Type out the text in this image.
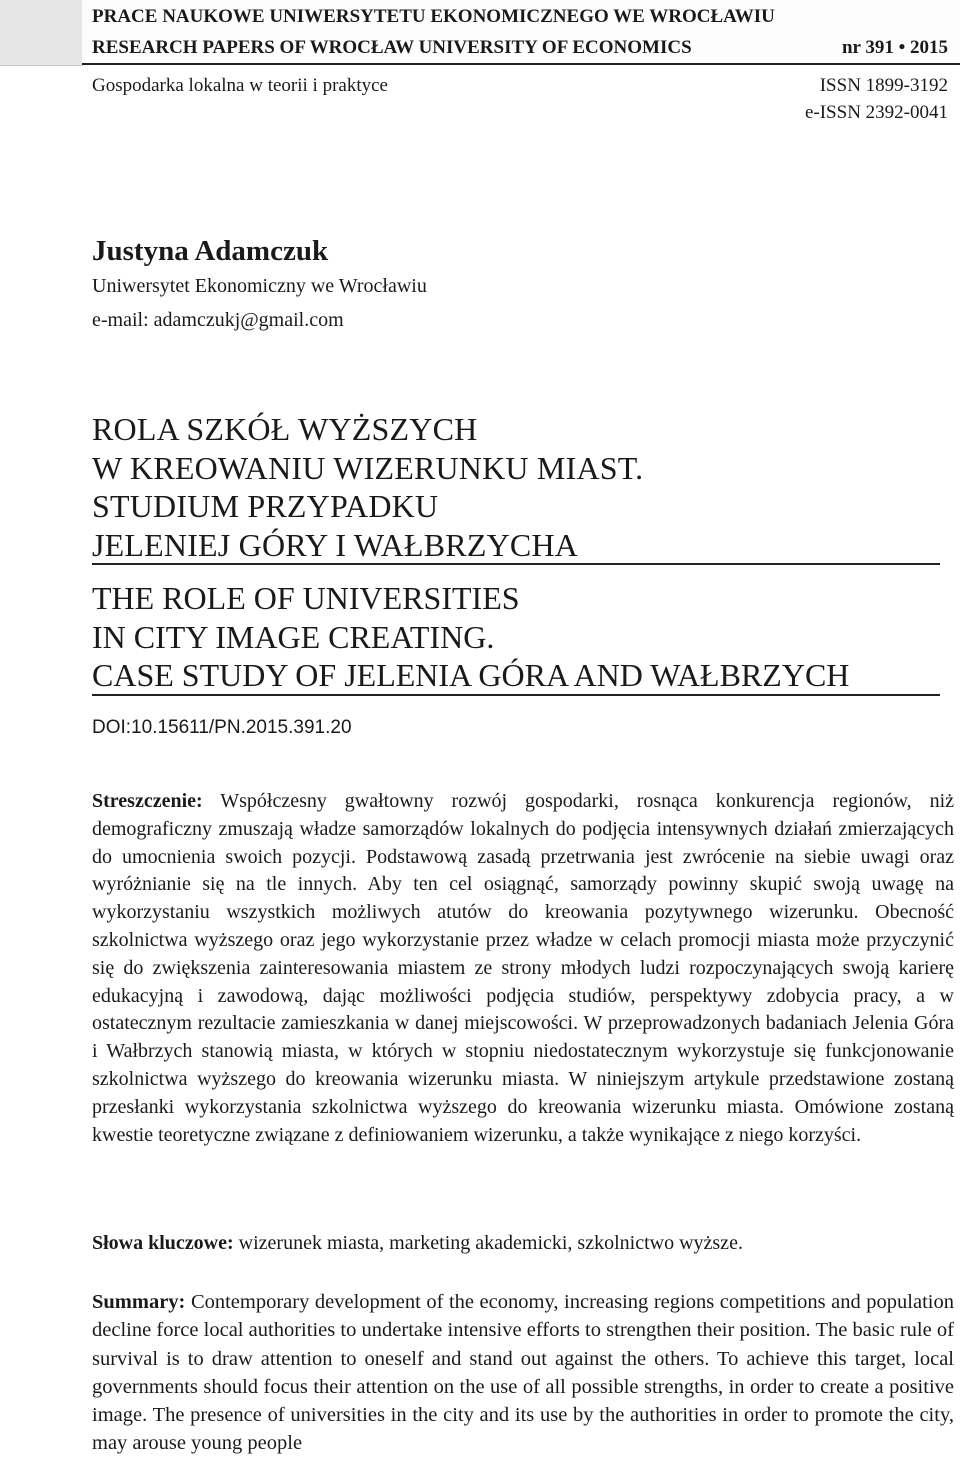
PRACE NAUKOWE UNIWERSYTETU EKONOMICZNEGO WE WROCŁAWIU
RESEARCH PAPERS OF WROCŁAW UNIVERSITY OF ECONOMICS	nr 391 • 2015
Gospodarka lokalna w teorii i praktyce	ISSN 1899-3192
e-ISSN 2392-0041
Justyna Adamczuk
Uniwersytet Ekonomiczny we Wrocławiu
e-mail: adamczukj@gmail.com
ROLA SZKÓŁ WYŻSZYCH
W KREOWANIU WIZERUNKU MIAST.
STUDIUM PRZYPADKU
JELENIEJ GÓRY I WAŁBRZYCHA
THE ROLE OF UNIVERSITIES
IN CITY IMAGE CREATING.
CASE STUDY OF JELENIA GÓRA AND WAŁBRZYCH
DOI:10.15611/PN.2015.391.20
Streszczenie: Współczesny gwałtowny rozwój gospodarki, rosnąca konkurencja regionów, niż demograficzny zmuszają władze samorządów lokalnych do podjęcia intensywnych działań zmierzających do umocnienia swoich pozycji. Podstawową zasadą przetrwania jest zwrócenie na siebie uwagi oraz wyróżnianie się na tle innych. Aby ten cel osiągnąć, samorządy powinny skupić swoją uwagę na wykorzystaniu wszystkich możliwych atutów do kreowania pozytywnego wizerunku. Obecność szkolnictwa wyższego oraz jego wykorzystanie przez władze w celach promocji miasta może przyczynić się do zwiększenia zainteresowania miastem ze strony młodych ludzi rozpoczynających swoją karierę edukacyjną i zawodową, dając możliwości podjęcia studiów, perspektywy zdobycia pracy, a w ostatecznym rezultacie zamieszkania w danej miejscowości. W przeprowadzonych badaniach Jelenia Góra i Wałbrzych stanowią miasta, w których w stopniu niedostatecznym wykorzystuje się funkcjonowanie szkolnictwa wyższego do kreowania wizerunku miasta. W niniejszym artykule przedstawione zostaną przesłanki wykorzystania szkolnictwa wyższego do kreowania wizerunku miasta. Omówione zostaną kwestie teoretyczne związane z definiowaniem wizerunku, a także wynikające z niego korzyści.
Słowa kluczowe: wizerunek miasta, marketing akademicki, szkolnictwo wyższe.
Summary: Contemporary development of the economy, increasing regions competitions and population decline force local authorities to undertake intensive efforts to strengthen their position. The basic rule of survival is to draw attention to oneself and stand out against the others. To achieve this target, local governments should focus their attention on the use of all possible strengths, in order to create a positive image. The presence of universities in the city and its use by the authorities in order to promote the city, may arouse young people
